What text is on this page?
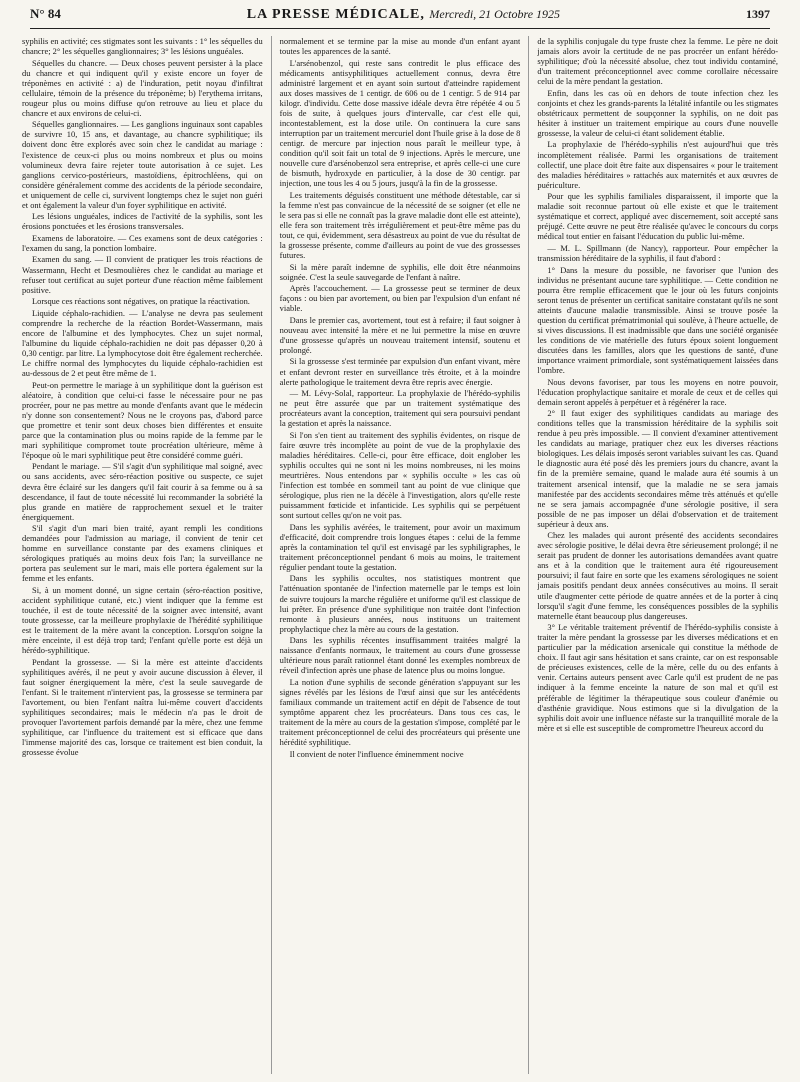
N° 84	LA PRESSE MÉDICALE, Mercredi, 21 Octobre 1925	1397

syphilis en activité; ces stigmates sont les suivants : 1° les séquelles du chancre; 2° les séquelles ganglionnaires; 3° les lésions unguéales.

Séquelles du chancre. — Deux choses peuvent persister à la place du chancre et qui indiquent qu'il y existe encore un foyer de tréponèmes en activité : a) de l'induration, petit noyau d'infiltrat cellulaire, témoin de la présence du tréponème; b) l'erythema irritans, rougeur plus ou moins diffuse qu'on retrouve au lieu et place du chancre et aux environs de celui-ci.

Séquelles ganglionnaires. — Les ganglions inguinaux sont capables de survivre 10, 15 ans, et davantage, au chancre syphilitique; ils doivent donc être explorés avec soin chez le candidat au mariage : l'existence de ceux-ci plus ou moins nombreux et plus ou moins volumineux devra faire rejeter toute autorisation à ce sujet. Les ganglions cervico-postérieurs, mastoïdiens, épitrochléens, qui on considère généralement comme des accidents de la période secondaire, et uniquement de celle ci, survivent longtemps chez le sujet non guéri et ont également la valeur d'un foyer syphilitique en activité.

Les lésions unguéales, indices de l'activité de la syphilis, sont les érosions ponctuées et les érosions transversales.

Examens de laboratoire. — Ces examens sont de deux catégories : l'examen du sang, la ponction lombaire.

Examen du sang. — Il convient de pratiquer les trois réactions de Wassermann, Hecht et Desmoulières chez le candidat au mariage et refuser tout certificat au sujet porteur d'une réaction même faiblement positive.

Lorsque ces réactions sont négatives, on pratique la réactivation.

Liquide céphalo-rachidien. — L'analyse ne devra pas seulement comprendre la recherche de la réaction Bordet-Wassermann, mais encore de l'albumine et des lymphocytes. Chez un sujet normal, l'albumine du liquide céphalo-rachidien ne doit pas dépasser 0,20 à 0,30 centigr. par litre. La lymphocytose doit être également recherchée. Le chiffre normal des lymphocytes du liquide céphalo-rachidien est au-dessous de 2 et peut être même de 1.

Peut-on permettre le mariage à un syphilitique dont la guérison est aléatoire, à condition que celui-ci fasse le nécessaire pour ne pas procréer, pour ne pas mettre au monde d'enfants avant que le médecin n'y donne son consentement? Nous ne le croyons pas, d'abord parce que promettre et tenir sont deux choses bien différentes et ensuite parce que la contamination plus ou moins rapide de la femme par le mari syphilitique compromet toute procréation ultérieure, même à l'époque où le mari syphilitique peut être considéré comme guéri.

Pendant le mariage. — S'il s'agit d'un syphilitique mal soigné, avec ou sans accidents, avec séro-réaction positive ou suspecte, ce sujet devra être éclairé sur les dangers qu'il fait courir à sa femme ou à sa descendance, il faut de toute nécessité lui recommander la sobriété la plus grande en matière de rapprochement sexuel et le traiter énergiquement.

S'il s'agit d'un mari bien traité, ayant rempli les conditions demandées pour l'admission au mariage, il convient de tenir cet homme en surveillance constante par des examens cliniques et sérologiques pratiqués au moins deux fois l'an; la surveillance ne portera pas seulement sur le mari, mais elle portera également sur la femme et les enfants.

Si, à un moment donné, un signe certain (séro-réaction positive, accident syphilitique cutané, etc.) vient indiquer que la femme est touchée, il est de toute nécessité de la soigner avec intensité, avant toute grossesse, car la meilleure prophylaxie de l'hérédité syphilitique est le traitement de la mère avant la conception. Lorsqu'on soigne la mère enceinte, il est déjà trop tard; l'enfant qu'elle porte est déjà un hérédo-syphilitique.

Pendant la grossesse. — Si la mère est atteinte d'accidents syphilitiques avérés, il ne peut y avoir aucune discussion à élever, il faut soigner énergiquement la mère, c'est la seule sauvegarde de l'enfant. Si le traitement n'intervient pas, la grossesse se terminera par l'avortement, ou bien l'enfant naîtra lui-même couvert d'accidents syphilitiques secondaires; mais le médecin n'a pas le droit de provoquer l'avortement parfois demandé par la mère, chez une femme syphilitique, car l'influence du traitement est si efficace que dans l'immense majorité des cas, lorsque ce traitement est bien conduit, la grossesse évolue

normalement et se termine par la mise au monde d'un enfant ayant toutes les apparences de la santé.

L'arsénobenzol, qui reste sans contredit le plus efficace des médicaments antisyphilitiques actuellement connus, devra être administré largement et en ayant soin surtout d'atteindre rapidement aux doses massives de 1 centigr. de 606 ou de 1 centigr. 5 de 914 par kilogr. d'individu. Cette dose massive idéale devra être répétée 4 ou 5 fois de suite, à quelques jours d'intervalle, car c'est elle qui, incontestablement, est la dose utile. On continuera la cure sans interruption par un traitement mercuriel dont l'huile grise à la dose de 8 centigr. de mercure par injection nous paraît le meilleur type, à condition qu'il soit fait un total de 9 injections. Après le mercure, une nouvelle cure d'arsénobenzol sera entreprise, et après celle-ci une cure de bismuth, hydroxyde en particulier, à la dose de 30 centigr. par injection, une tous les 4 ou 5 jours, jusqu'à la fin de la grossesse.

Les traitements déguisés constituent une méthode détestable, car si la femme n'est pas convaincue de la nécessité de se soigner (et elle ne le sera pas si elle ne connaît pas la grave maladie dont elle est atteinte), elle fera son traitement très irrégulièrement et peut-être même pas du tout, ce qui, évidemment, sera désastreux au point de vue du résultat de la grossesse présente, comme d'ailleurs au point de vue des grossesses futures.

Si la mère paraît indemne de syphilis, elle doit être néanmoins soignée. C'est la seule sauvegarde de l'enfant à naître.

Après l'accouchement. — La grossesse peut se terminer de deux façons : ou bien par avortement, ou bien par l'expulsion d'un enfant né viable.

Dans le premier cas, avortement, tout est à refaire; il faut soigner à nouveau avec intensité la mère et ne lui permettre la mise en œuvre d'une grossesse qu'après un nouveau traitement intensif, soutenu et prolongé.

Si la grossesse s'est terminée par expulsion d'un enfant vivant, mère et enfant devront rester en surveillance très étroite, et à la moindre alerte pathologique le traitement devra être repris avec énergie.

— M. Lévy-Solal, rapporteur. La prophylaxie de l'hérédo-syphilis ne peut être assurée que par un traitement systématique des procréateurs avant la conception, traitement qui sera poursuivi pendant la gestation et après la naissance.

Si l'on s'en tient au traitement des syphilis évidentes, on risque de faire œuvre très incomplète au point de vue de la prophylaxie des maladies héréditaires. Celle-ci, pour être efficace, doit englober les syphilis occultes qui ne sont ni les moins nombreuses, ni les moins meurtrières. Nous entendons par « syphilis occulte » les cas où l'infection est tombée en sommeil tant au point de vue clinique que sérologique, plus rien ne la décèle à l'investigation, alors qu'elle reste puissamment fœticide et infanticide. Les syphilis qui se perpétuent sont surtout celles qu'on ne voit pas.

Dans les syphilis avérées, le traitement, pour avoir un maximum d'efficacité, doit comprendre trois longues étapes : celui de la femme après la contamination tel qu'il est envisagé par les syphiligraphes, le traitement préconceptionnel pendant 6 mois au moins, le traitement régulier pendant toute la gestation.

Dans les syphilis occultes, nos statistiques montrent que l'atténuation spontanée de l'infection maternelle par le temps est loin de suivre toujours la marche régulière et uniforme qu'il est classique de lui prêter. En présence d'une syphilitique non traitée dont l'infection remonte à plusieurs années, nous instituons un traitement prophylactique chez la mère au cours de la gestation.

Dans les syphilis récentes insuffisamment traitées malgré la naissance d'enfants normaux, le traitement au cours d'une grossesse ultérieure nous paraît rationnel étant donné les exemples nombreux de réveil d'infection après une phase de latence plus ou moins longue.

La notion d'une syphilis de seconde génération s'appuyant sur les signes révélés par les lésions de l'œuf ainsi que sur les antécédents familiaux commande un traitement actif en dépit de l'absence de tout symptôme apparent chez les procréateurs. Dans tous ces cas, le traitement de la mère au cours de la gestation s'impose, complété par le traitement préconceptionnel de celui des procréateurs qui présente une hérédité syphilitique.

Il convient de noter l'influence éminemment nocive

de la syphilis conjugale du type fruste chez la femme. Le père ne doit jamais alors avoir la certitude de ne pas procréer un enfant hérédo-syphilitique; d'où la nécessité absolue, chez tout individu contaminé, d'un traitement préconceptionnel avec comme corollaire nécessaire celui de la mère pendant la gestation.

Enfin, dans les cas où en dehors de toute infection chez les conjoints et chez les grands-parents la létalité infantile ou les stigmates obstétricaux permettent de soupçonner la syphilis, on ne doit pas hésiter à instituer un traitement empirique au cours d'une nouvelle grossesse, la valeur de celui-ci étant solidement établie.

La prophylaxie de l'hérédo-syphilis n'est aujourd'hui que très incomplètement réalisée. Parmi les organisations de traitement collectif, une place doit être faite aux dispensaires « pour le traitement des maladies héréditaires » rattachés aux maternités et aux œuvres de puériculture.

Pour que les syphilis familiales disparaissent, il importe que la maladie soit reconnue partout où elle existe et que le traitement systématique et correct, appliqué avec discernement, soit accepté sans préjugé. Cette œuvre ne peut être réalisée qu'avec le concours du corps médical tout entier en faisant l'éducation du public lui-même.

— M. L. Spillmann (de Nancy), rapporteur. Pour empêcher la transmission héréditaire de la syphilis, il faut d'abord :

1° Dans la mesure du possible, ne favoriser que l'union des individus ne présentant aucune tare syphilitique. — Cette condition ne pourra être remplie efficacement que le jour où les futurs conjoints seront tenus de présenter un certificat sanitaire constatant qu'ils ne sont atteints d'aucune maladie transmissible. Ainsi se trouve posée la question du certificat prématrimonial qui soulève, à l'heure actuelle, de si vives discussions. Il est inadmissible que dans une société organisée les conditions de vie matérielle des futurs époux soient longuement discutées dans les familles, alors que les questions de santé, d'une importance vraiment primordiale, sont systématiquement laissées dans l'ombre.

Nous devons favoriser, par tous les moyens en notre pouvoir, l'éducation prophylactique sanitaire et morale de ceux et de celles qui demain seront appelés à perpétuer et à régénérer la race.

2° Il faut exiger des syphilitiques candidats au mariage des conditions telles que la transmission héréditaire de la syphilis soit rendue à peu près impossible. — Il convient d'examiner attentivement les candidats au mariage, pratiquer chez eux les diverses réactions biologiques. Les délais imposés seront variables suivant les cas. Quand le diagnostic aura été posé dès les premiers jours du chancre, avant la fin de la première semaine, quand le malade aura été soumis à un traitement arsenical intensif, que la maladie ne se sera jamais manifestée par des accidents secondaires même très atténués et qu'elle ne se sera jamais accompagnée d'une sérologie positive, il sera possible de ne pas imposer un délai d'observation et de traitement supérieur à deux ans.

Chez les malades qui auront présenté des accidents secondaires avec sérologie positive, le délai devra être sérieusement prolongé; il ne serait pas prudent de donner les autorisations demandées avant quatre ans et à la condition que le traitement aura été rigoureusement poursuivi; il faut faire en sorte que les examens sérologiques ne soient jamais positifs pendant deux années consécutives au moins. Il serait utile d'augmenter cette période de quatre années et de la porter à cinq lorsqu'il s'agit d'une femme, les conséquences possibles de la syphilis maternelle étant beaucoup plus dangereuses.

3° Le véritable traitement préventif de l'hérédo-syphilis consiste à traiter la mère pendant la grossesse par les diverses médications et en particulier par la médication arsenicale qui constitue la méthode de choix. Il faut agir sans hésitation et sans crainte, car on est responsable de précieuses existences, celle de la mère, celle du ou des enfants à venir. Certains auteurs pensent avec Carle qu'il est prudent de ne pas indiquer à la femme enceinte la nature de son mal et qu'il est préférable de légitimer la thérapeutique sous couleur d'anémie ou d'asthénie gravidique. Nous estimons que si la divulgation de la syphilis doit avoir une influence néfaste sur la tranquillité morale de la mère et si elle est susceptible de compromettre l'heureux accord du
